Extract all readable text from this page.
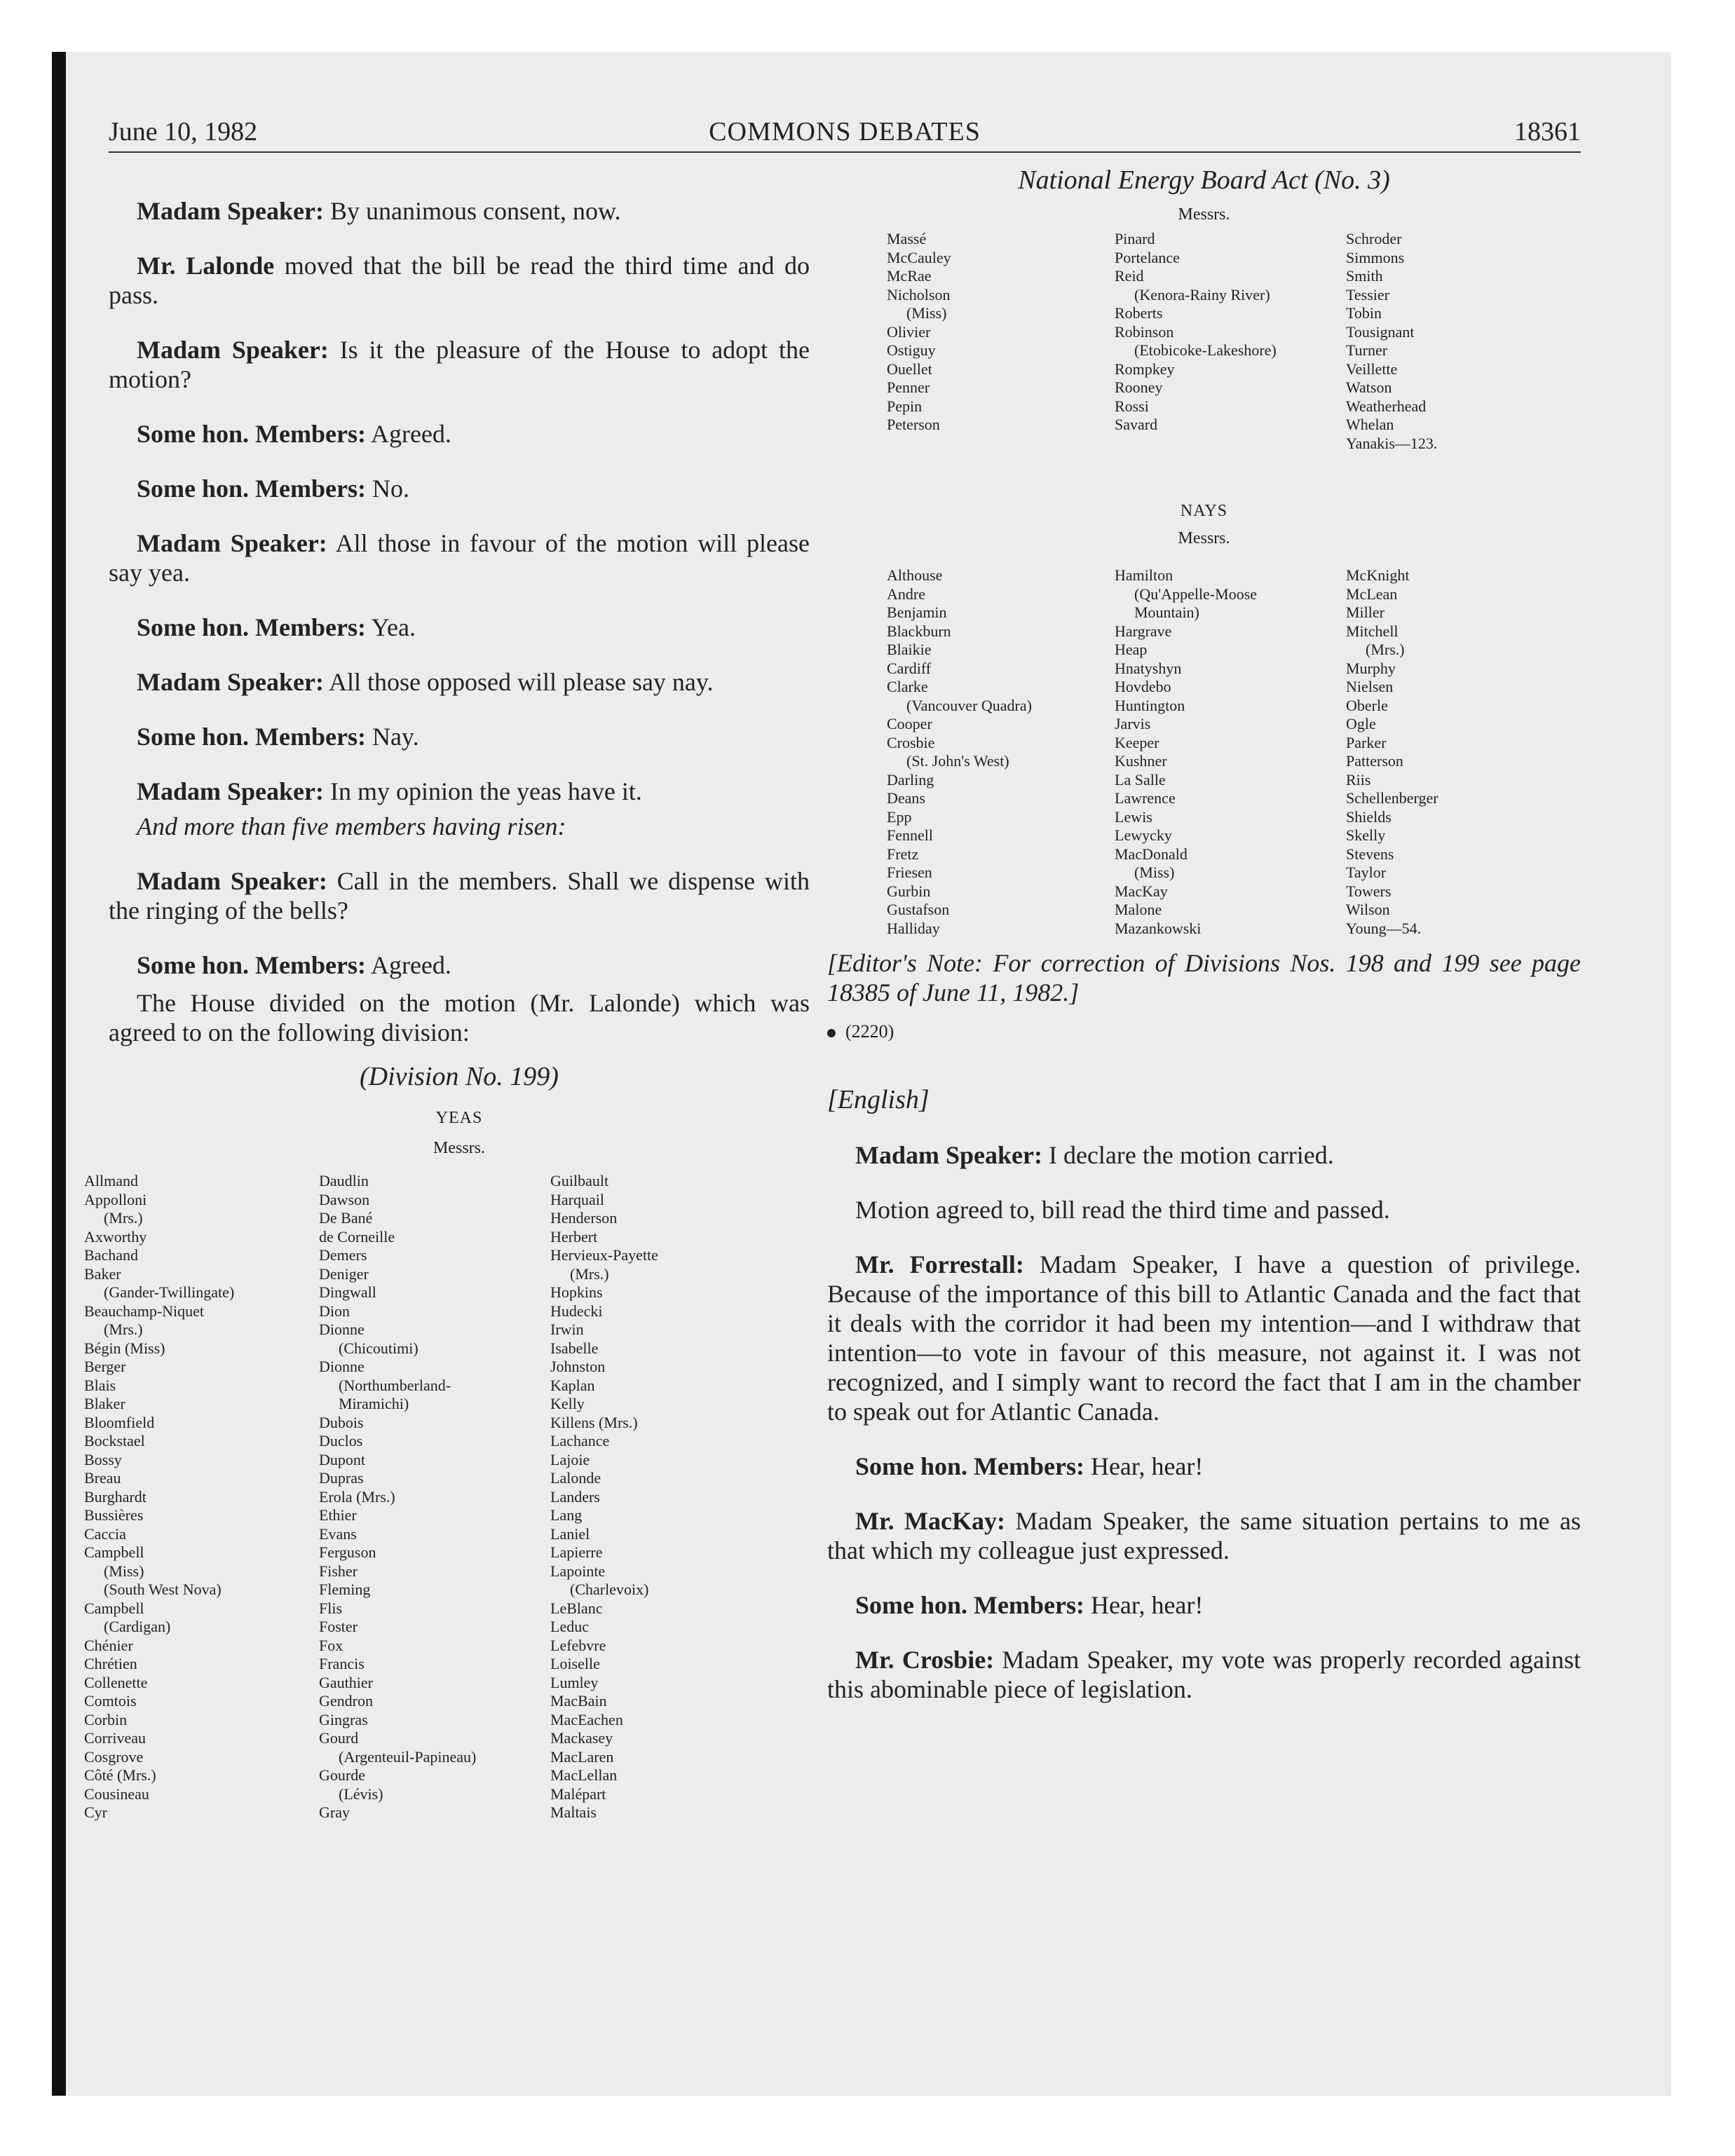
June 10, 1982	COMMONS DEBATES	18361

Madam Speaker: By unanimous consent, now.

Mr. Lalonde moved that the bill be read the third time and do pass.

Madam Speaker: Is it the pleasure of the House to adopt the motion?

Some hon. Members: Agreed.

Some hon. Members: No.

Madam Speaker: All those in favour of the motion will please say yea.

Some hon. Members: Yea.

Madam Speaker: All those opposed will please say nay.

Some hon. Members: Nay.

Madam Speaker: In my opinion the yeas have it.

And more than five members having risen:

Madam Speaker: Call in the members. Shall we dispense with the ringing of the bells?

Some hon. Members: Agreed.

The House divided on the motion (Mr. Lalonde) which was agreed to on the following division:

(Division No. 199)
YEAS
Messrs.
Allmand
Appolloni
(Mrs.)
Axworthy
Bachand
Baker
(Gander-Twillingate)
Beauchamp-Niquet
(Mrs.)
Bégin (Miss)
Berger
Blais
Blaker
Bloomfield
Bockstael
Bossy
Breau
Burghardt
Bussières
Caccia
Campbell
(Miss)
(South West Nova)
Campbell
(Cardigan)
Chénier
Chrétien
Collenette
Comtois
Corbin
Corriveau
Cosgrove
Côté (Mrs.)
Cousineau
Cyr
Daudlin
Dawson
De Bané
de Corneille
Demers
Deniger
Dingwall
Dion
Dionne
(Chicoutimi)
Dionne
(Northumberland-
Miramichi)
Dubois
Duclos
Dupont
Dupras
Erola (Mrs.)
Ethier
Evans
Ferguson
Fisher
Fleming
Flis
Foster
Fox
Francis
Gauthier
Gendron
Gingras
Gourd
(Argenteuil-Papineau)
Gourde
(Lévis)
Gray
Guilbault
Harquail
Henderson
Herbert
Hervieux-Payette
(Mrs.)
Hopkins
Hudecki
Irwin
Isabelle
Johnston
Kaplan
Kelly
Killens (Mrs.)
Lachance
Lajoie
Lalonde
Landers
Lang
Laniel
Lapierre
Lapointe
(Charlevoix)
LeBlanc
Leduc
Lefebvre
Loiselle
Lumley
MacBain
MacEachen
Mackasey
MacLaren
MacLellan
Malépart
Maltais
National Energy Board Act (No. 3)
Messrs.
Massé
McCauley
McRae
Nicholson
(Miss)
Olivier
Ostiguy
Ouellet
Penner
Pepin
Peterson
Pinard
Portelance
Reid
(Kenora-Rainy River)
Roberts
Robinson
(Etobicoke-Lakeshore)
Rompkey
Rooney
Rossi
Savard
Schroder
Simmons
Smith
Tessier
Tobin
Tousignant
Turner
Veillette
Watson
Weatherhead
Whelan
Yanakis—123.
NAYS
Messrs.
Althouse
Andre
Benjamin
Blackburn
Blaikie
Cardiff
Clarke
(Vancouver Quadra)
Cooper
Crosbie
(St. John's West)
Darling
Deans
Epp
Fennell
Fretz
Friesen
Gurbin
Gustafson
Halliday
Hamilton
(Qu'Appelle-Moose
Mountain)
Hargrave
Heap
Hnatyshyn
Hovdebo
Huntington
Jarvis
Keeper
Kushner
La Salle
Lawrence
Lewis
Lewycky
MacDonald
(Miss)
MacKay
Malone
Mazankowski
McKnight
McLean
Miller
Mitchell
(Mrs.)
Murphy
Nielsen
Oberle
Ogle
Parker
Patterson
Riis
Schellenberger
Shields
Skelly
Stevens
Taylor
Towers
Wilson
Young—54.

[Editor's Note: For correction of Divisions Nos. 198 and 199 see page 18385 of June 11, 1982.]

(2220)
[English]

Madam Speaker: I declare the motion carried.

Motion agreed to, bill read the third time and passed.

Mr. Forrestall: Madam Speaker, I have a question of privilege. Because of the importance of this bill to Atlantic Canada and the fact that it deals with the corridor it had been my intention—and I withdraw that intention—to vote in favour of this measure, not against it. I was not recognized, and I simply want to record the fact that I am in the chamber to speak out for Atlantic Canada.

Some hon. Members: Hear, hear!

Mr. MacKay: Madam Speaker, the same situation pertains to me as that which my colleague just expressed.

Some hon. Members: Hear, hear!

Mr. Crosbie: Madam Speaker, my vote was properly recorded against this abominable piece of legislation.
